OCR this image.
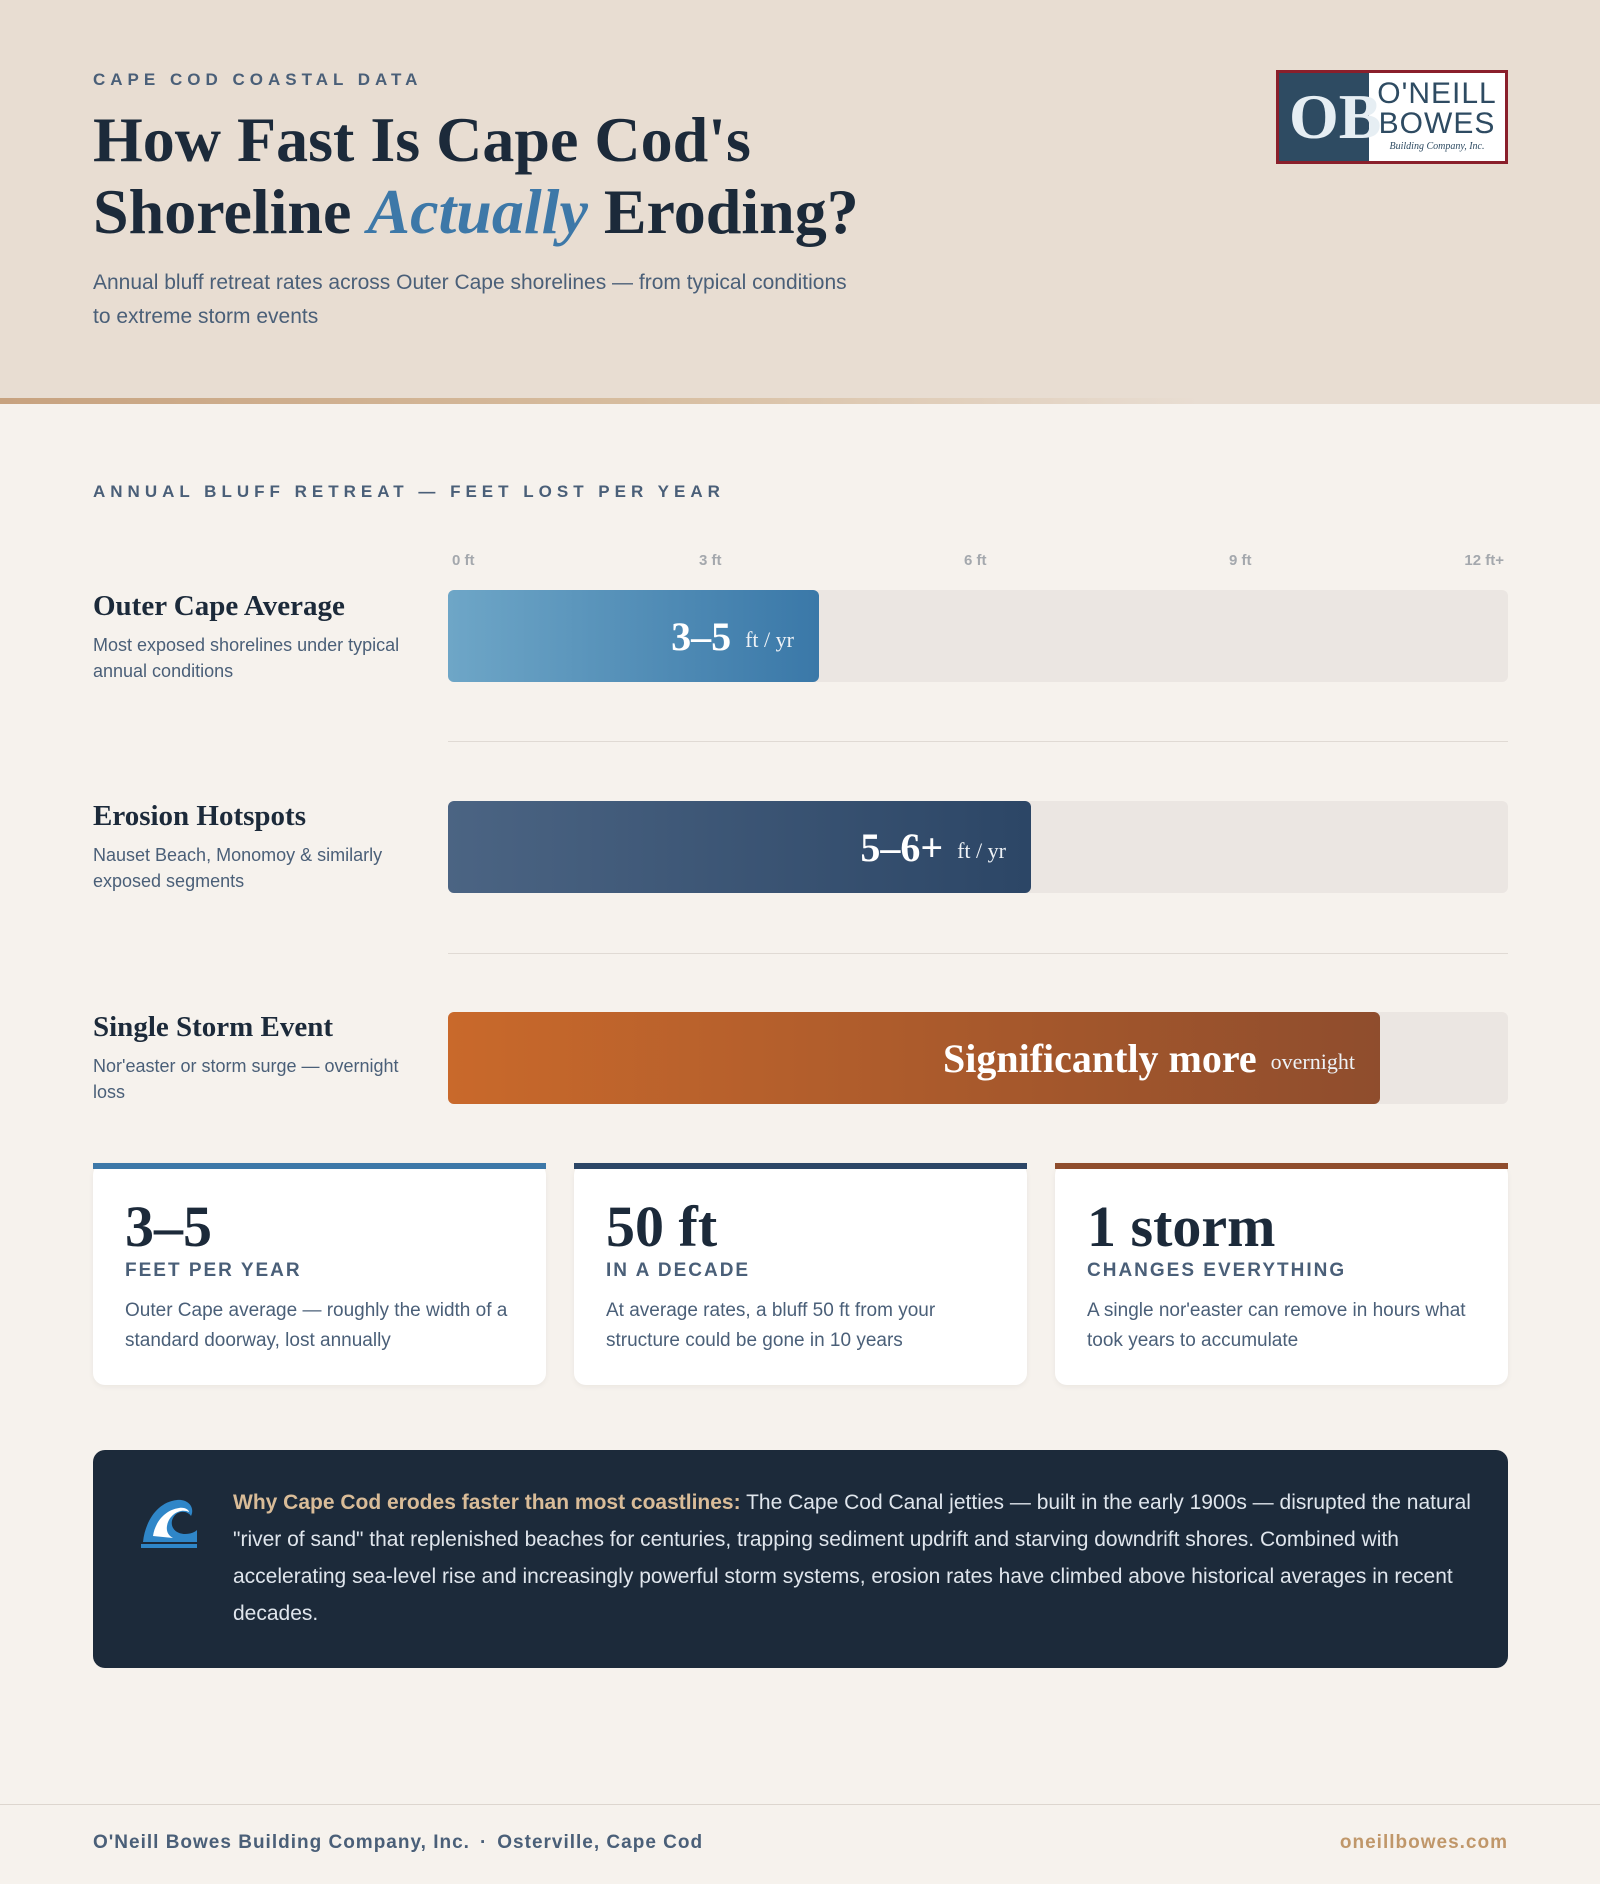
CAPE COD COASTAL DATA
How Fast Is Cape Cod's Shoreline Actually Eroding?
Annual bluff retreat rates across Outer Cape shorelines — from typical conditions to extreme storm events
OB
O'NEILL
BOWES
Building Company, Inc.
ANNUAL BLUFF RETREAT — FEET LOST PER YEAR
0 ft	3 ft	6 ft	9 ft	12 ft+
Outer Cape Average
Most exposed shorelines under typical annual conditions
3–5 ft / yr
Erosion Hotspots
Nauset Beach, Monomoy & similarly exposed segments
5–6+ ft / yr
Single Storm Event
Nor'easter or storm surge — overnight loss
Significantly more overnight
3–5
FEET PER YEAR
Outer Cape average — roughly the width of a standard doorway, lost annually
50 ft
IN A DECADE
At average rates, a bluff 50 ft from your structure could be gone in 10 years
1 storm
CHANGES EVERYTHING
A single nor'easter can remove in hours what took years to accumulate
Why Cape Cod erodes faster than most coastlines: The Cape Cod Canal jetties — built in the early 1900s — disrupted the natural "river of sand" that replenished beaches for centuries, trapping sediment updrift and starving downdrift shores. Combined with accelerating sea-level rise and increasingly powerful storm systems, erosion rates have climbed above historical averages in recent decades.
O'Neill Bowes Building Company, Inc. · Osterville, Cape Cod	oneillbowes.com
